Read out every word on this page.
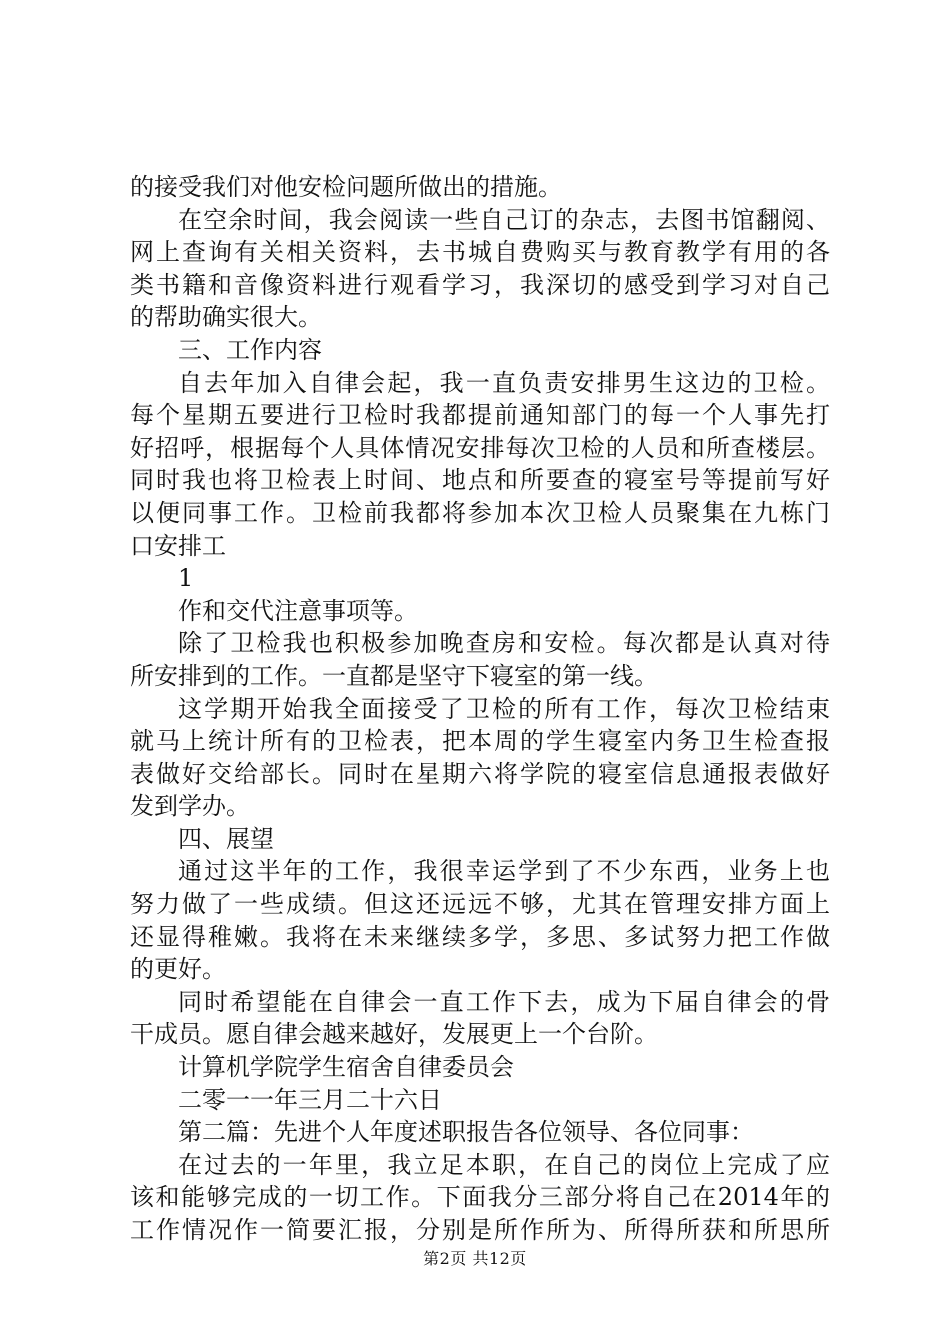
的接受我们对他安检问题所做出的措施。
在空余时间，我会阅读一些自己订的杂志，去图书馆翻阅、
网上查询有关相关资料，去书城自费购买与教育教学有用的各
类书籍和音像资料进行观看学习，我深切的感受到学习对自己
的帮助确实很大。
三、工作内容
自去年加入自律会起，我一直负责安排男生这边的卫检。
每个星期五要进行卫检时我都提前通知部门的每一个人事先打
好招呼，根据每个人具体情况安排每次卫检的人员和所查楼层。
同时我也将卫检表上时间、地点和所要查的寝室号等提前写好
以便同事工作。卫检前我都将参加本次卫检人员聚集在九栋门
口安排工
1
作和交代注意事项等。
除了卫检我也积极参加晚查房和安检。每次都是认真对待
所安排到的工作。一直都是坚守下寝室的第一线。
这学期开始我全面接受了卫检的所有工作，每次卫检结束
就马上统计所有的卫检表，把本周的学生寝室内务卫生检查报
表做好交给部长。同时在星期六将学院的寝室信息通报表做好
发到学办。
四、展望
通过这半年的工作，我很幸运学到了不少东西，业务上也
努力做了一些成绩。但这还远远不够，尤其在管理安排方面上
还显得稚嫩。我将在未来继续多学，多思、多试努力把工作做
的更好。
同时希望能在自律会一直工作下去，成为下届自律会的骨
干成员。愿自律会越来越好，发展更上一个台阶。
计算机学院学生宿舍自律委员会
二零一一年三月二十六日
第二篇：先进个人年度述职报告各位领导、各位同事：
在过去的一年里，我立足本职，在自己的岗位上完成了应
该和能够完成的一切工作。下面我分三部分将自己在2014年的
工作情况作一简要汇报，分别是所作所为、所得所获和所思所
第2页 共12页
